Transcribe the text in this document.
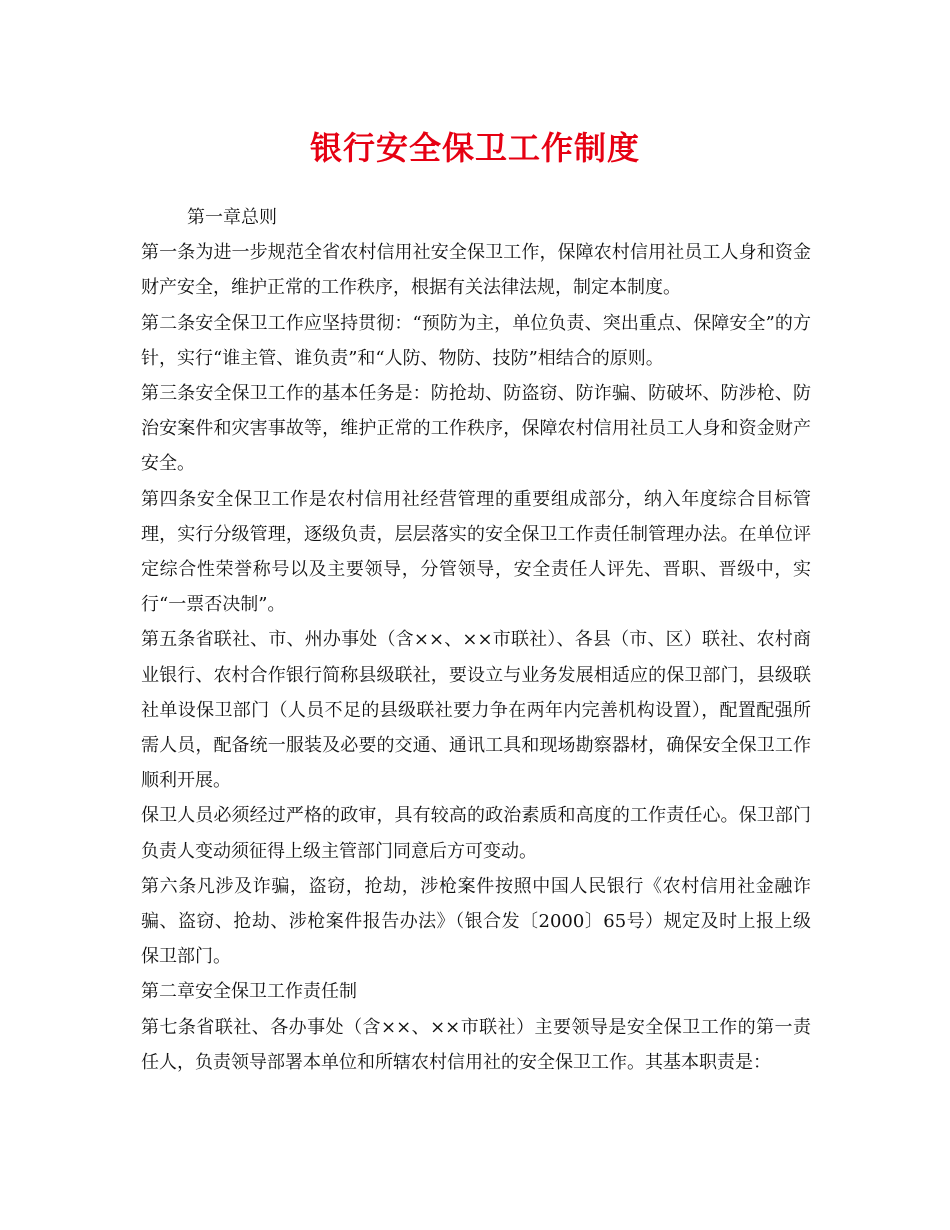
银行安全保卫工作制度

第一章总则

第一条为进一步规范全省农村信用社安全保卫工作，保障农村信用社员工人身和资金财产安全，维护正常的工作秩序，根据有关法律法规，制定本制度。

第二条安全保卫工作应坚持贯彻：“预防为主，单位负责、突出重点、保障安全”的方针，实行“谁主管、谁负责”和“人防、物防、技防”相结合的原则。

第三条安全保卫工作的基本任务是：防抢劫、防盗窃、防诈骗、防破坏、防涉枪、防治安案件和灾害事故等，维护正常的工作秩序，保障农村信用社员工人身和资金财产安全。

第四条安全保卫工作是农村信用社经营管理的重要组成部分，纳入年度综合目标管理，实行分级管理，逐级负责，层层落实的安全保卫工作责任制管理办法。在单位评定综合性荣誉称号以及主要领导，分管领导，安全责任人评先、晋职、晋级中，实行“一票否决制”。

第五条省联社、市、州办事处（含××、××市联社）、各县（市、区）联社、农村商业银行、农村合作银行简称县级联社，要设立与业务发展相适应的保卫部门，县级联社单设保卫部门（人员不足的县级联社要力争在两年内完善机构设置），配置配强所需人员，配备统一服装及必要的交通、通讯工具和现场勘察器材，确保安全保卫工作顺利开展。

保卫人员必须经过严格的政审，具有较高的政治素质和高度的工作责任心。保卫部门负责人变动须征得上级主管部门同意后方可变动。

第六条凡涉及诈骗，盗窃，抢劫，涉枪案件按照中国人民银行《农村信用社金融诈骗、盗窃、抢劫、涉枪案件报告办法》（银合发〔2000〕65号）规定及时上报上级保卫部门。

第二章安全保卫工作责任制

第七条省联社、各办事处（含××、××市联社）主要领导是安全保卫工作的第一责任人，负责领导部署本单位和所辖农村信用社的安全保卫工作。其基本职责是：
